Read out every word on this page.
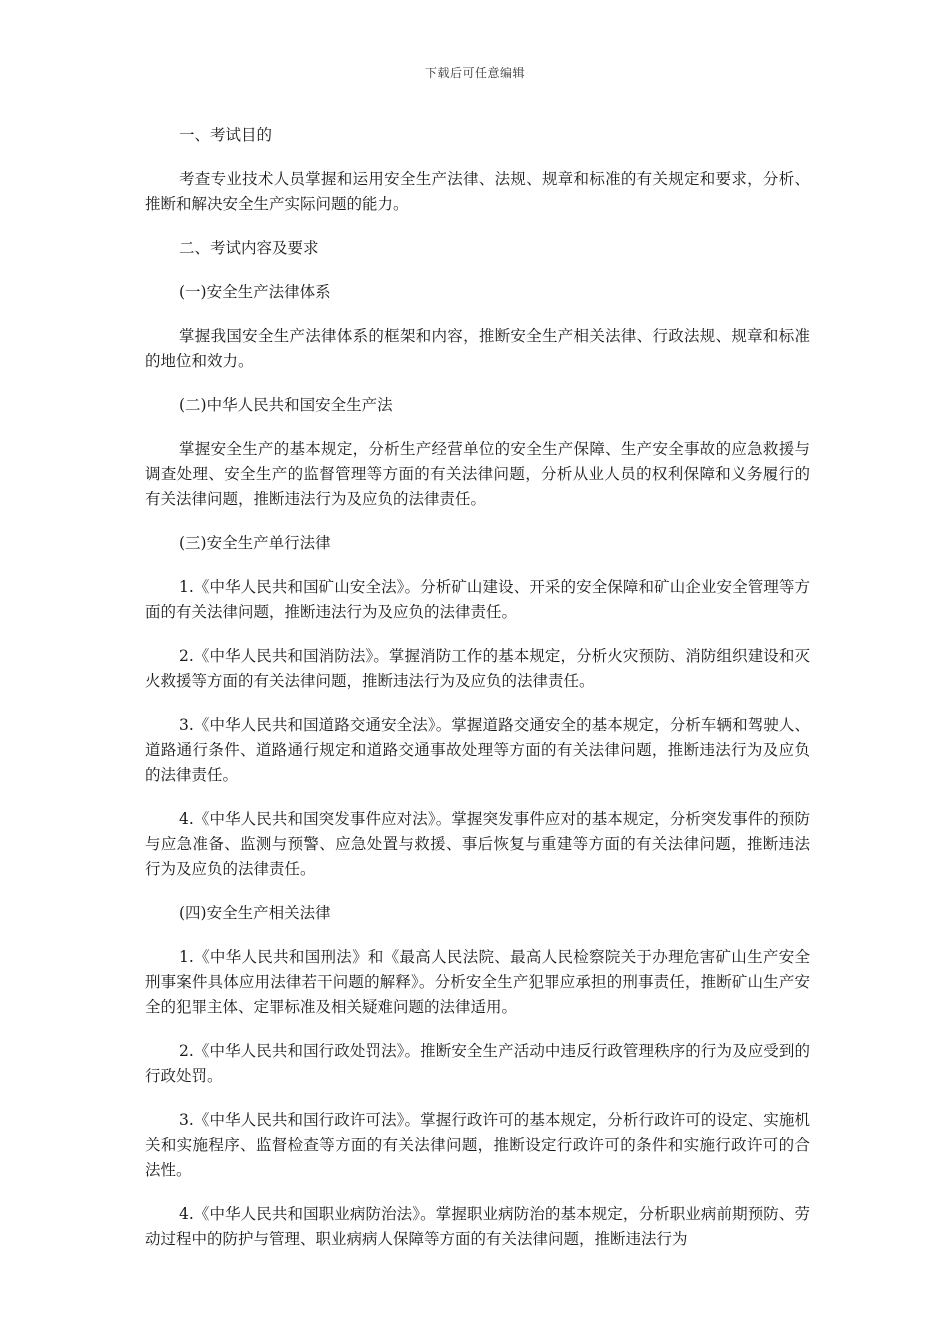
下载后可任意编辑

一、考试目的

考查专业技术人员掌握和运用安全生产法律、法规、规章和标准的有关规定和要求，分析、推断和解决安全生产实际问题的能力。

二、考试内容及要求

(一)安全生产法律体系

掌握我国安全生产法律体系的框架和内容，推断安全生产相关法律、行政法规、规章和标准的地位和效力。

(二)中华人民共和国安全生产法

掌握安全生产的基本规定，分析生产经营单位的安全生产保障、生产安全事故的应急救援与调查处理、安全生产的监督管理等方面的有关法律问题，分析从业人员的权利保障和义务履行的有关法律问题，推断违法行为及应负的法律责任。

(三)安全生产单行法律

1.《中华人民共和国矿山安全法》。分析矿山建设、开采的安全保障和矿山企业安全管理等方面的有关法律问题，推断违法行为及应负的法律责任。

2.《中华人民共和国消防法》。掌握消防工作的基本规定，分析火灾预防、消防组织建设和灭火救援等方面的有关法律问题，推断违法行为及应负的法律责任。

3.《中华人民共和国道路交通安全法》。掌握道路交通安全的基本规定，分析车辆和驾驶人、道路通行条件、道路通行规定和道路交通事故处理等方面的有关法律问题，推断违法行为及应负的法律责任。

4.《中华人民共和国突发事件应对法》。掌握突发事件应对的基本规定，分析突发事件的预防与应急准备、监测与预警、应急处置与救援、事后恢复与重建等方面的有关法律问题，推断违法行为及应负的法律责任。

(四)安全生产相关法律

1.《中华人民共和国刑法》和《最高人民法院、最高人民检察院关于办理危害矿山生产安全刑事案件具体应用法律若干问题的解释》。分析安全生产犯罪应承担的刑事责任，推断矿山生产安全的犯罪主体、定罪标准及相关疑难问题的法律适用。

2.《中华人民共和国行政处罚法》。推断安全生产活动中违反行政管理秩序的行为及应受到的行政处罚。

3.《中华人民共和国行政许可法》。掌握行政许可的基本规定，分析行政许可的设定、实施机关和实施程序、监督检查等方面的有关法律问题，推断设定行政许可的条件和实施行政许可的合法性。

4.《中华人民共和国职业病防治法》。掌握职业病防治的基本规定，分析职业病前期预防、劳动过程中的防护与管理、职业病病人保障等方面的有关法律问题，推断违法行为
